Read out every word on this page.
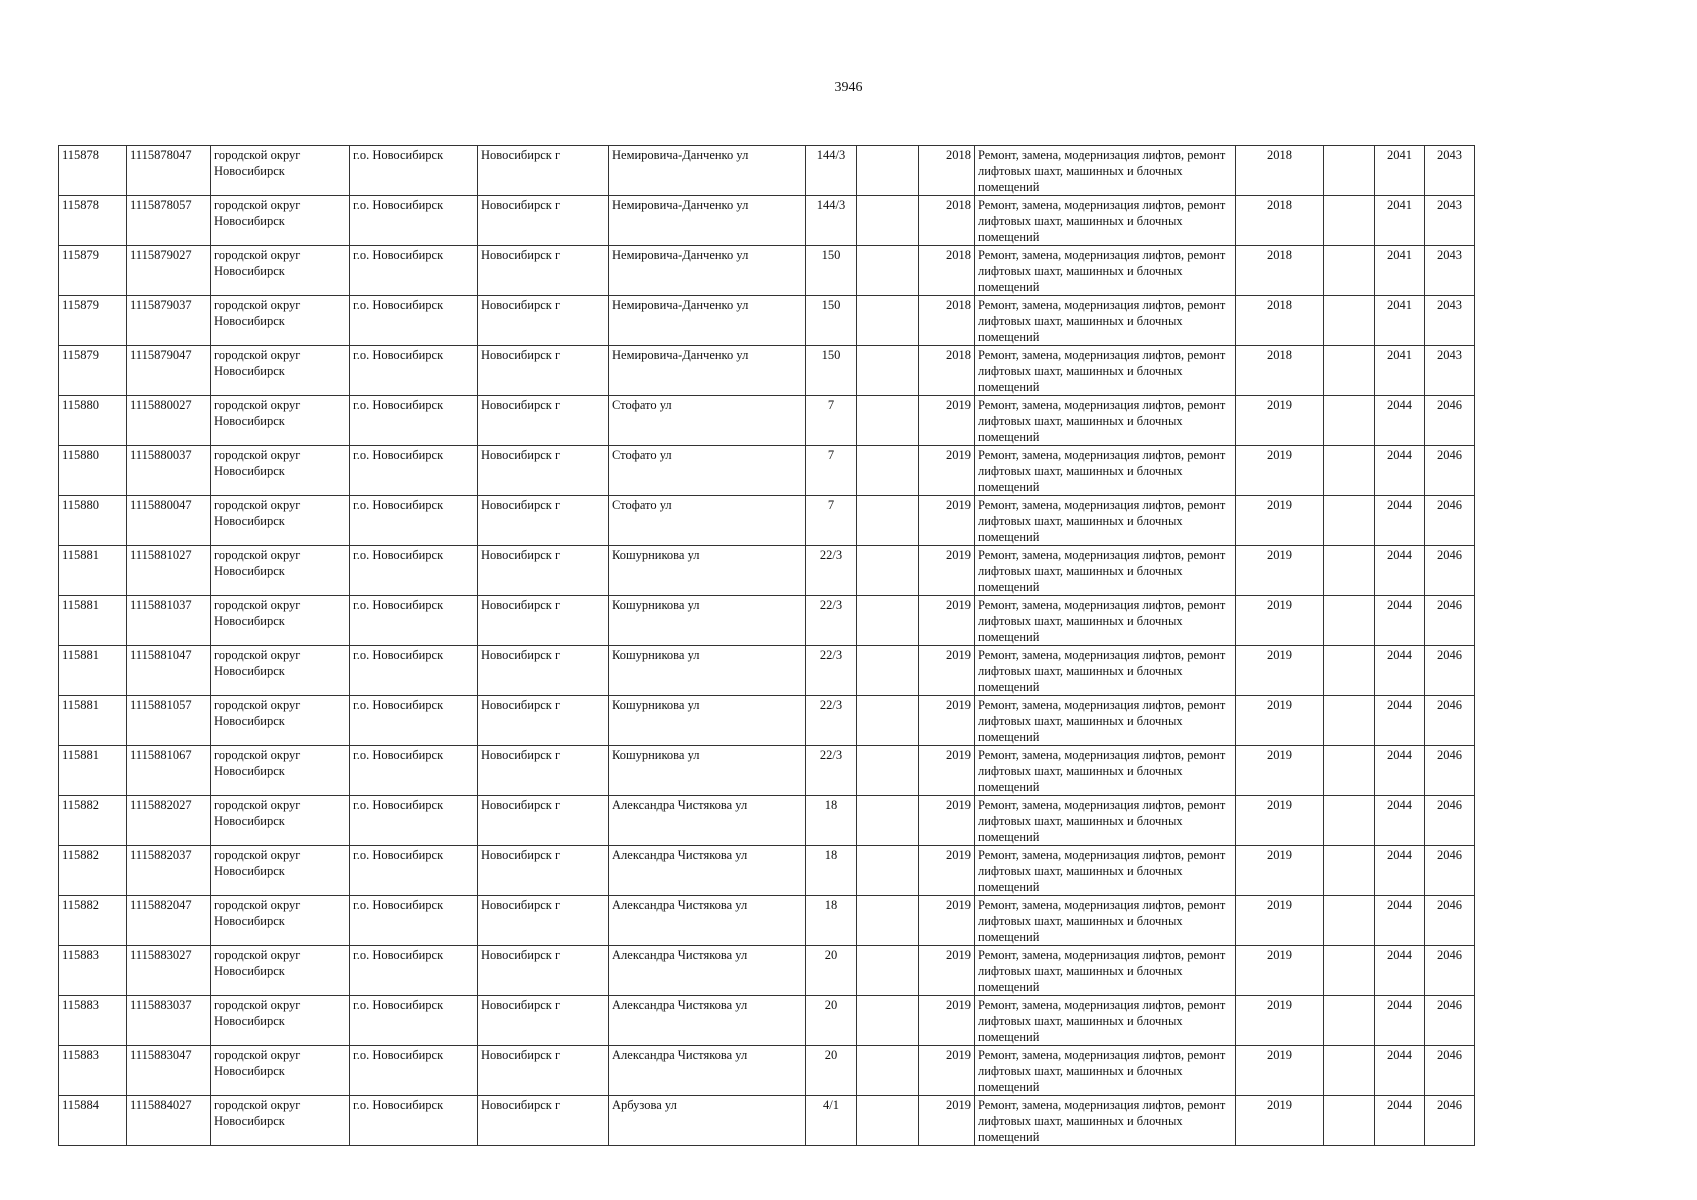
3946
115878	1115878047	городской округ Новосибирск	г.о. Новосибирск	Новосибирск г	Немировича-Данченко ул	144/3		2018	Ремонт, замена, модернизация лифтов, ремонт лифтовых шахт, машинных и блочных помещений	2018		2041	2043
115878	1115878057	городской округ Новосибирск	г.о. Новосибирск	Новосибирск г	Немировича-Данченко ул	144/3		2018	Ремонт, замена, модернизация лифтов, ремонт лифтовых шахт, машинных и блочных помещений	2018		2041	2043
115879	1115879027	городской округ Новосибирск	г.о. Новосибирск	Новосибирск г	Немировича-Данченко ул	150		2018	Ремонт, замена, модернизация лифтов, ремонт лифтовых шахт, машинных и блочных помещений	2018		2041	2043
115879	1115879037	городской округ Новосибирск	г.о. Новосибирск	Новосибирск г	Немировича-Данченко ул	150		2018	Ремонт, замена, модернизация лифтов, ремонт лифтовых шахт, машинных и блочных помещений	2018		2041	2043
115879	1115879047	городской округ Новосибирск	г.о. Новосибирск	Новосибирск г	Немировича-Данченко ул	150		2018	Ремонт, замена, модернизация лифтов, ремонт лифтовых шахт, машинных и блочных помещений	2018		2041	2043
115880	1115880027	городской округ Новосибирск	г.о. Новосибирск	Новосибирск г	Стофато ул	7		2019	Ремонт, замена, модернизация лифтов, ремонт лифтовых шахт, машинных и блочных помещений	2019		2044	2046
115880	1115880037	городской округ Новосибирск	г.о. Новосибирск	Новосибирск г	Стофато ул	7		2019	Ремонт, замена, модернизация лифтов, ремонт лифтовых шахт, машинных и блочных помещений	2019		2044	2046
115880	1115880047	городской округ Новосибирск	г.о. Новосибирск	Новосибирск г	Стофато ул	7		2019	Ремонт, замена, модернизация лифтов, ремонт лифтовых шахт, машинных и блочных помещений	2019		2044	2046
115881	1115881027	городской округ Новосибирск	г.о. Новосибирск	Новосибирск г	Кошурникова ул	22/3		2019	Ремонт, замена, модернизация лифтов, ремонт лифтовых шахт, машинных и блочных помещений	2019		2044	2046
115881	1115881037	городской округ Новосибирск	г.о. Новосибирск	Новосибирск г	Кошурникова ул	22/3		2019	Ремонт, замена, модернизация лифтов, ремонт лифтовых шахт, машинных и блочных помещений	2019		2044	2046
115881	1115881047	городской округ Новосибирск	г.о. Новосибирск	Новосибирск г	Кошурникова ул	22/3		2019	Ремонт, замена, модернизация лифтов, ремонт лифтовых шахт, машинных и блочных помещений	2019		2044	2046
115881	1115881057	городской округ Новосибирск	г.о. Новосибирск	Новосибирск г	Кошурникова ул	22/3		2019	Ремонт, замена, модернизация лифтов, ремонт лифтовых шахт, машинных и блочных помещений	2019		2044	2046
115881	1115881067	городской округ Новосибирск	г.о. Новосибирск	Новосибирск г	Кошурникова ул	22/3		2019	Ремонт, замена, модернизация лифтов, ремонт лифтовых шахт, машинных и блочных помещений	2019		2044	2046
115882	1115882027	городской округ Новосибирск	г.о. Новосибирск	Новосибирск г	Александра Чистякова ул	18		2019	Ремонт, замена, модернизация лифтов, ремонт лифтовых шахт, машинных и блочных помещений	2019		2044	2046
115882	1115882037	городской округ Новосибирск	г.о. Новосибирск	Новосибирск г	Александра Чистякова ул	18		2019	Ремонт, замена, модернизация лифтов, ремонт лифтовых шахт, машинных и блочных помещений	2019		2044	2046
115882	1115882047	городской округ Новосибирск	г.о. Новосибирск	Новосибирск г	Александра Чистякова ул	18		2019	Ремонт, замена, модернизация лифтов, ремонт лифтовых шахт, машинных и блочных помещений	2019		2044	2046
115883	1115883027	городской округ Новосибирск	г.о. Новосибирск	Новосибирск г	Александра Чистякова ул	20		2019	Ремонт, замена, модернизация лифтов, ремонт лифтовых шахт, машинных и блочных помещений	2019		2044	2046
115883	1115883037	городской округ Новосибирск	г.о. Новосибирск	Новосибирск г	Александра Чистякова ул	20		2019	Ремонт, замена, модернизация лифтов, ремонт лифтовых шахт, машинных и блочных помещений	2019		2044	2046
115883	1115883047	городской округ Новосибирск	г.о. Новосибирск	Новосибирск г	Александра Чистякова ул	20		2019	Ремонт, замена, модернизация лифтов, ремонт лифтовых шахт, машинных и блочных помещений	2019		2044	2046
115884	1115884027	городской округ Новосибирск	г.о. Новосибирск	Новосибирск г	Арбузова ул	4/1		2019	Ремонт, замена, модернизация лифтов, ремонт лифтовых шахт, машинных и блочных помещений	2019		2044	2046
